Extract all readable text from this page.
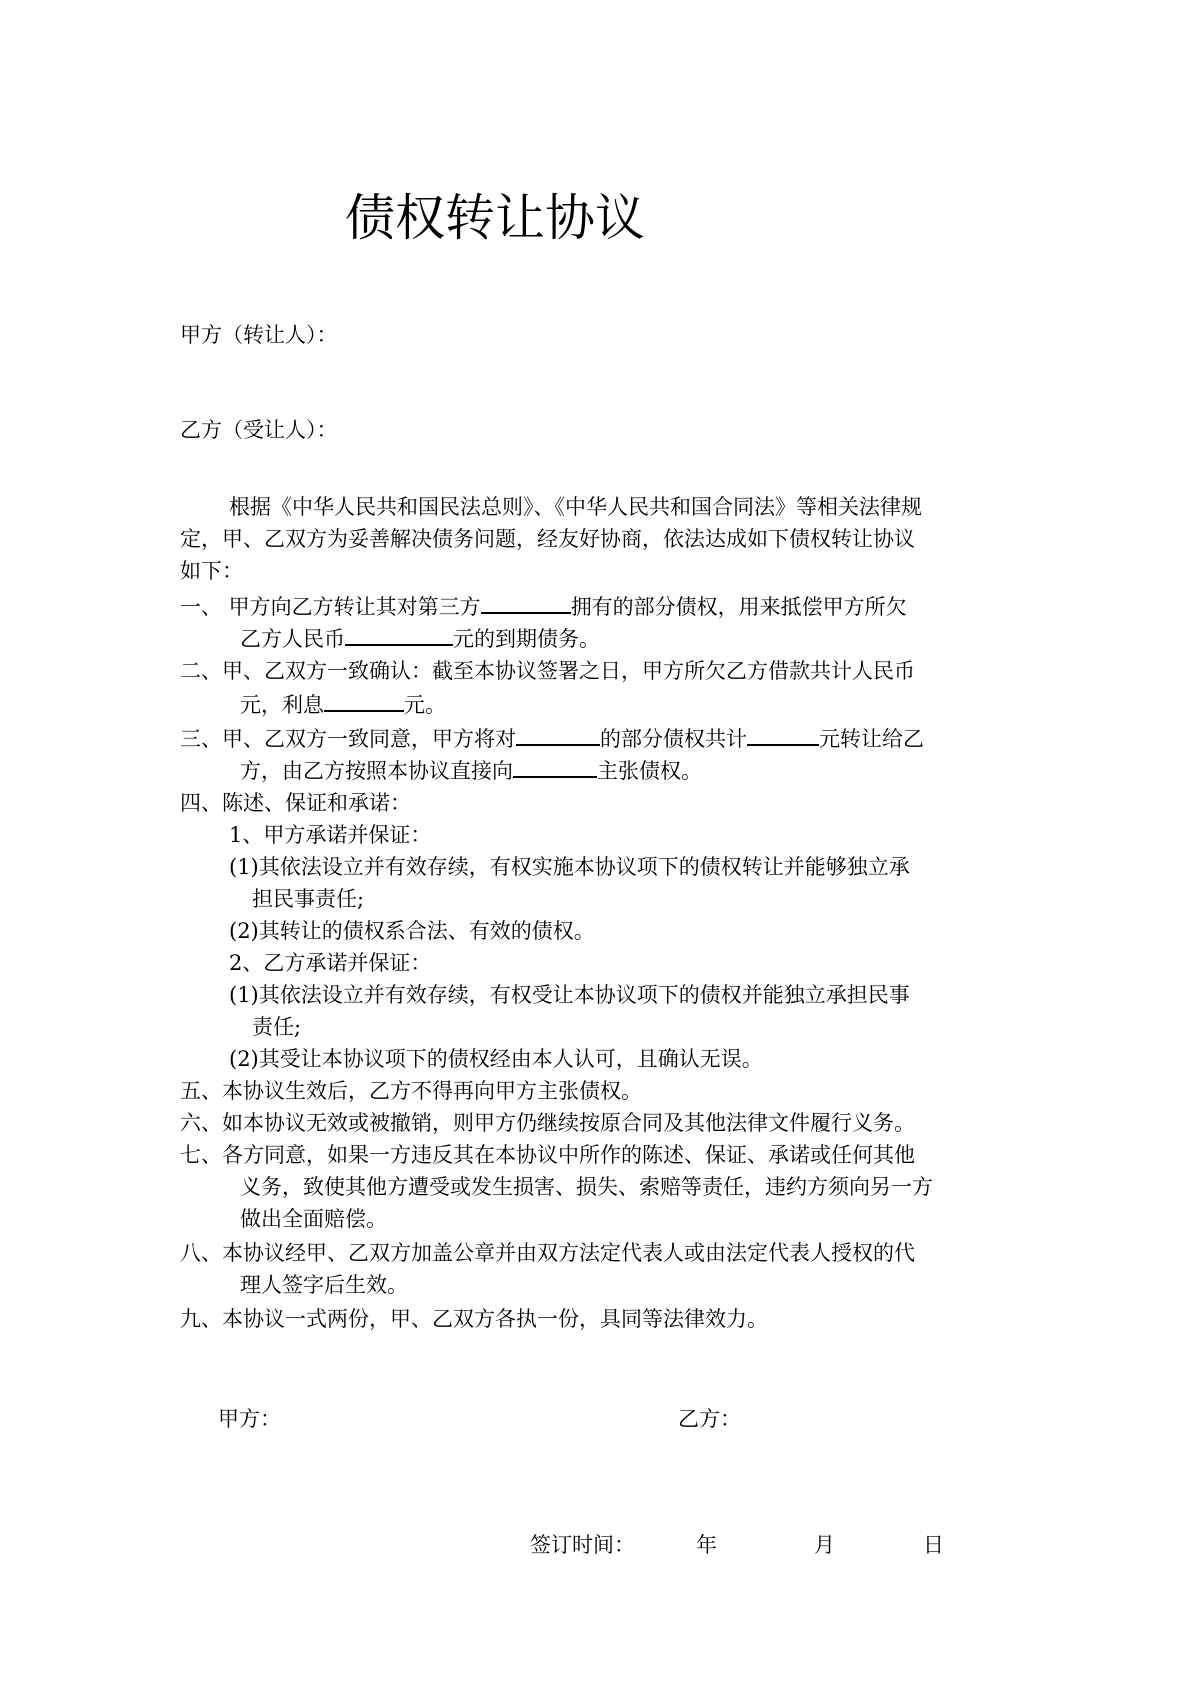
债权转让协议
甲方（转让人）：
乙方（受让人）：
根据《中华人民共和国民法总则》、《中华人民共和国合同法》等相关法律规
定，甲、乙双方为妥善解决债务问题，经友好协商，依法达成如下债权转让协议
如下：
一、 甲方向乙方转让其对第三方	拥有的部分债权，用来抵偿甲方所欠
乙方人民币	元的到期债务。
二、甲、乙双方一致确认：截至本协议签署之日，甲方所欠乙方借款共计人民币
元，利息	元。
三、甲、乙双方一致同意，甲方将对	的部分债权共计	元转让给乙
方，由乙方按照本协议直接向	主张债权。
四、陈述、保证和承诺：
1、甲方承诺并保证：
(1)其依法设立并有效存续，有权实施本协议项下的债权转让并能够独立承
担民事责任;
(2)其转让的债权系合法、有效的债权。
2、乙方承诺并保证：
(1)其依法设立并有效存续，有权受让本协议项下的债权并能独立承担民事
责任;
(2)其受让本协议项下的债权经由本人认可，且确认无误。
五、本协议生效后，乙方不得再向甲方主张债权。
六、如本协议无效或被撤销，则甲方仍继续按原合同及其他法律文件履行义务。
七、各方同意，如果一方违反其在本协议中所作的陈述、保证、承诺或任何其他
义务，致使其他方遭受或发生损害、损失、索赔等责任，违约方须向另一方
做出全面赔偿。
八、本协议经甲、乙双方加盖公章并由双方法定代表人或由法定代表人授权的代
理人签字后生效。
九、本协议一式两份，甲、乙双方各执一份，具同等法律效力。
甲方：	乙方：
签订时间：	年	月	日
